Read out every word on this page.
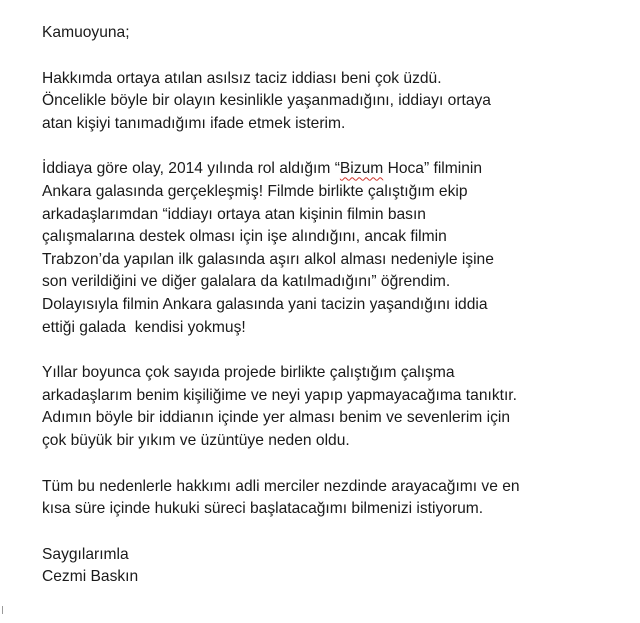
Kamuoyuna;
Hakkımda ortaya atılan asılsız taciz iddiası beni çok üzdü.
Öncelikle böyle bir olayın kesinlikle yaşanmadığını, iddiayı ortaya
atan kişiyi tanımadığımı ifade etmek isterim.
İddiaya göre olay, 2014 yılında rol aldığım “Bizum Hoca” filminin
Ankara galasında gerçekleşmiş! Filmde birlikte çalıştığım ekip
arkadaşlarımdan “iddiayı ortaya atan kişinin filmin basın
çalışmalarına destek olması için işe alındığını, ancak filmin
Trabzon’da yapılan ilk galasında aşırı alkol alması nedeniyle işine
son verildiğini ve diğer galalara da katılmadığını” öğrendim.
Dolayısıyla filmin Ankara galasında yani tacizin yaşandığını iddia
ettiği galada  kendisi yokmuş!
Yıllar boyunca çok sayıda projede birlikte çalıştığım çalışma
arkadaşlarım benim kişiliğime ve neyi yapıp yapmayacağıma tanıktır.
Adımın böyle bir iddianın içinde yer alması benim ve sevenlerim için
çok büyük bir yıkım ve üzüntüye neden oldu.
Tüm bu nedenlerle hakkımı adli merciler nezdinde arayacağımı ve en
kısa süre içinde hukuki süreci başlatacağımı bilmenizi istiyorum.
Saygılarımla
Cezmi Baskın
